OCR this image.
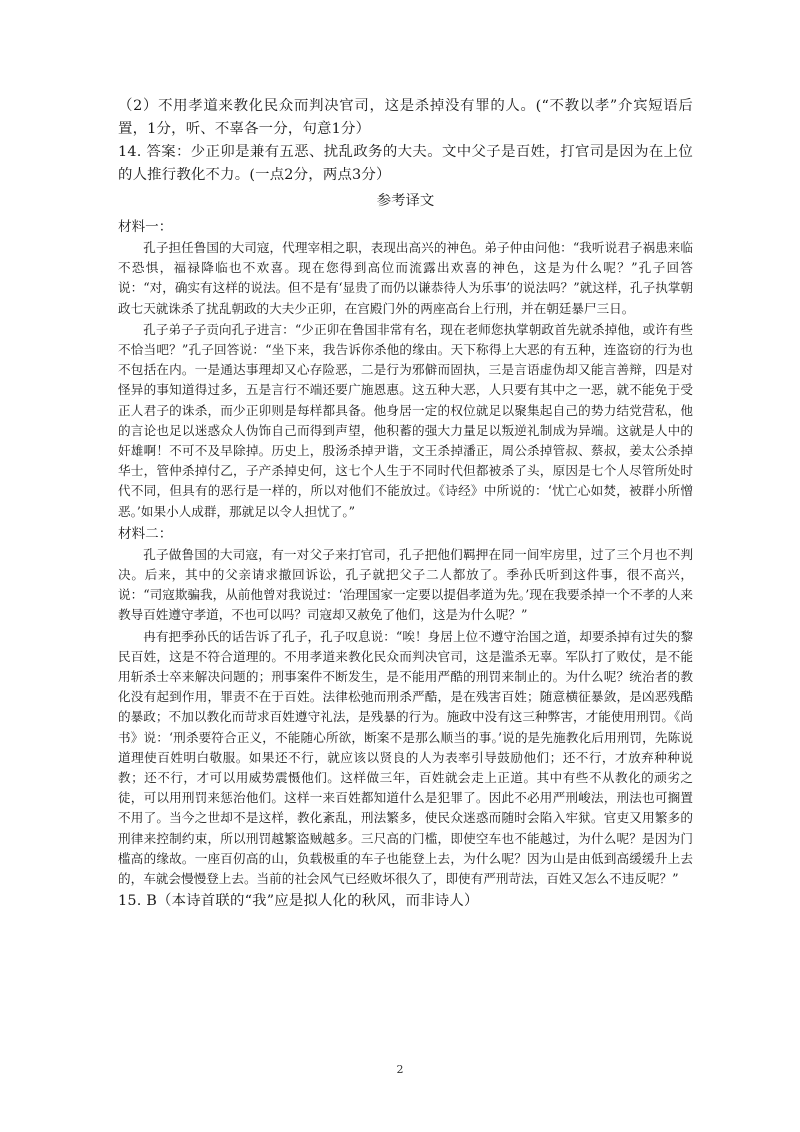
（2）不用孝道来教化民众而判决官司，这是杀掉没有罪的人。(“不教以孝”介宾短语后置，1分，听、不辜各一分，句意1分）

14. 答案：少正卯是兼有五恶、扰乱政务的大夫。文中父子是百姓，打官司是因为在上位的人推行教化不力。(一点2分，两点3分）

参考译文

材料一：

孔子担任鲁国的大司寇，代理宰相之职，表现出高兴的神色。弟子仲由问他：“我听说君子祸患来临不恐惧，福禄降临也不欢喜。现在您得到高位而流露出欢喜的神色，这是为什么呢？”孔子回答说：“对，确实有这样的说法。但不是有‘显贵了而仍以谦恭待人为乐事’的说法吗？”就这样，孔子执掌朝政七天就诛杀了扰乱朝政的大夫少正卯，在宫殿门外的两座高台上行刑，并在朝廷暴尸三日。

孔子弟子子贡向孔子进言：“少正卯在鲁国非常有名，现在老师您执掌朝政首先就杀掉他，或许有些不恰当吧？”孔子回答说：“坐下来，我告诉你杀他的缘由。天下称得上大恶的有五种，连盗窃的行为也不包括在内。一是通达事理却又心存险恶，二是行为邪僻而固执，三是言语虚伪却又能言善辩，四是对怪异的事知道得过多，五是言行不端还要广施恩惠。这五种大恶，人只要有其中之一恶，就不能免于受正人君子的诛杀，而少正卯则是每样都具备。他身居一定的权位就足以聚集起自己的势力结党营私，他的言论也足以迷惑众人伪饰自己而得到声望，他积蓄的强大力量足以叛逆礼制成为异端。这就是人中的奸雄啊！不可不及早除掉。历史上，殷汤杀掉尹谐，文王杀掉潘正，周公杀掉管叔、蔡叔，姜太公杀掉华士，管仲杀掉付乙，子产杀掉史何，这七个人生于不同时代但都被杀了头，原因是七个人尽管所处时代不同，但具有的恶行是一样的，所以对他们不能放过。《诗经》中所说的：‘忧亡心如焚，被群小所憎恶。’如果小人成群，那就足以令人担忧了。”

材料二：

孔子做鲁国的大司寇，有一对父子来打官司，孔子把他们羁押在同一间牢房里，过了三个月也不判决。后来，其中的父亲请求撤回诉讼，孔子就把父子二人都放了。季孙氏听到这件事，很不高兴，说：“司寇欺骗我，从前他曾对我说过：‘治理国家一定要以提倡孝道为先。’现在我要杀掉一个不孝的人来教导百姓遵守孝道，不也可以吗？司寇却又赦免了他们，这是为什么呢？”

冉有把季孙氏的话告诉了孔子，孔子叹息说：“唉！身居上位不遵守治国之道，却要杀掉有过失的黎民百姓，这是不符合道理的。不用孝道来教化民众而判决官司，这是滥杀无辜。军队打了败仗，是不能用斩杀士卒来解决问题的；刑事案件不断发生，是不能用严酷的刑罚来制止的。为什么呢？统治者的教化没有起到作用，罪责不在于百姓。法律松弛而刑杀严酷，是在残害百姓；随意横征暴敛，是凶恶残酷的暴政；不加以教化而苛求百姓遵守礼法，是残暴的行为。施政中没有这三种弊害，才能使用刑罚。《尚书》说：‘刑杀要符合正义，不能随心所欲，断案不是那么顺当的事。’说的是先施教化后用刑罚，先陈说道理使百姓明白敬服。如果还不行，就应该以贤良的人为表率引导鼓励他们；还不行，才放弃种种说教；还不行，才可以用威势震慑他们。这样做三年，百姓就会走上正道。其中有些不从教化的顽劣之徒，可以用刑罚来惩治他们。这样一来百姓都知道什么是犯罪了。因此不必用严刑峻法，刑法也可搁置不用了。当今之世却不是这样，教化紊乱，刑法繁多，使民众迷惑而随时会陷入牢狱。官吏又用繁多的刑律来控制约束，所以刑罚越繁盗贼越多。三尺高的门槛，即使空车也不能越过，为什么呢？是因为门槛高的缘故。一座百仞高的山，负载极重的车子也能登上去，为什么呢？因为山是由低到高缓缓升上去的，车就会慢慢登上去。当前的社会风气已经败坏很久了，即使有严刑苛法，百姓又怎么不违反呢？”

15. B（本诗首联的“我”应是拟人化的秋风，而非诗人）

2
